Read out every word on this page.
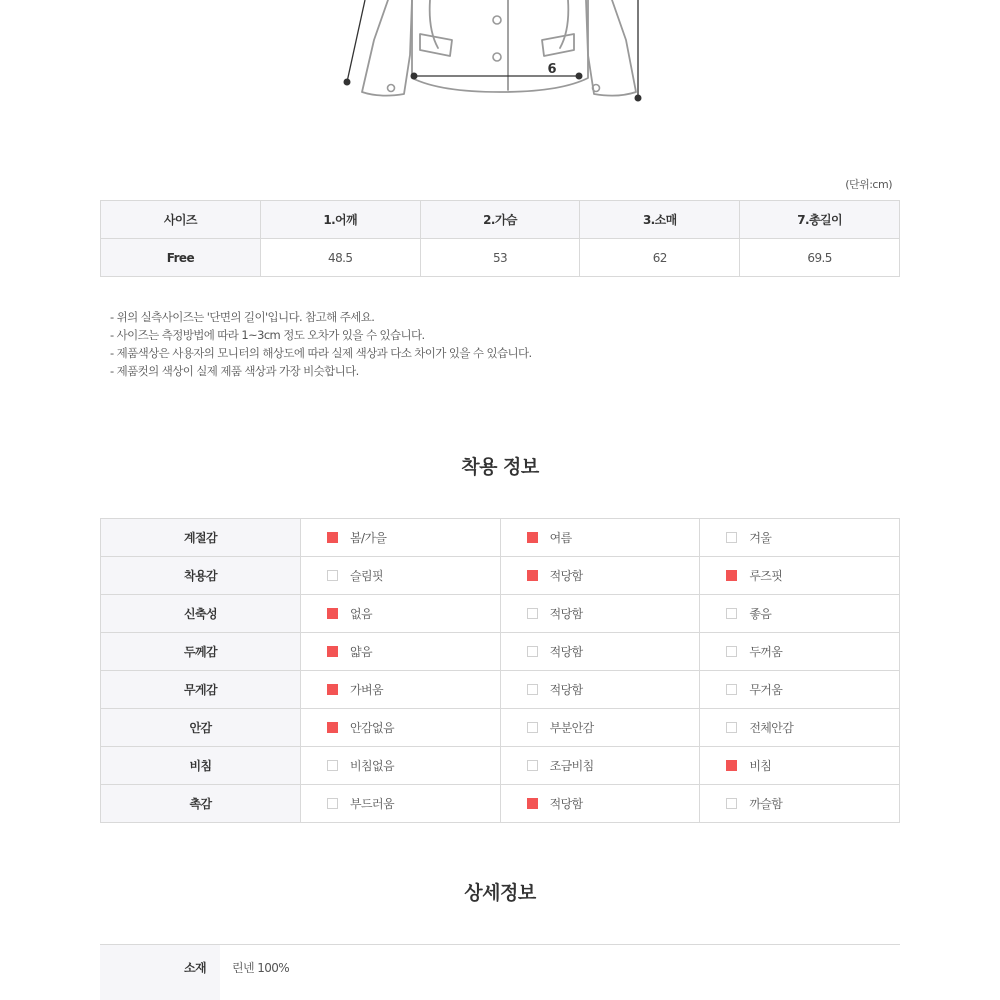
6
(단위:cm)
사이즈	1.어깨	2.가슴	3.소매	7.총길이
Free	48.5	53	62	69.5
- 위의 실측사이즈는 '단면의 길이'입니다. 참고해 주세요.
- 사이즈는 측정방법에 따라 1~3cm 정도 오차가 있을 수 있습니다.
- 제품색상은 사용자의 모니터의 해상도에 따라 실제 색상과 다소 차이가 있을 수 있습니다.
- 제품컷의 색상이 실제 제품 색상과 가장 비슷합니다.
착용 정보
계절감	봄/가을	여름	겨울
착용감	슬림핏	적당함	루즈핏
신축성	없음	적당함	좋음
두께감	얇음	적당함	두꺼움
무게감	가벼움	적당함	무거움
안감	안감없음	부분안감	전체안감
비침	비침없음	조금비침	비침
촉감	부드러움	적당함	까슬함
상세정보
소재	린넨 100%
